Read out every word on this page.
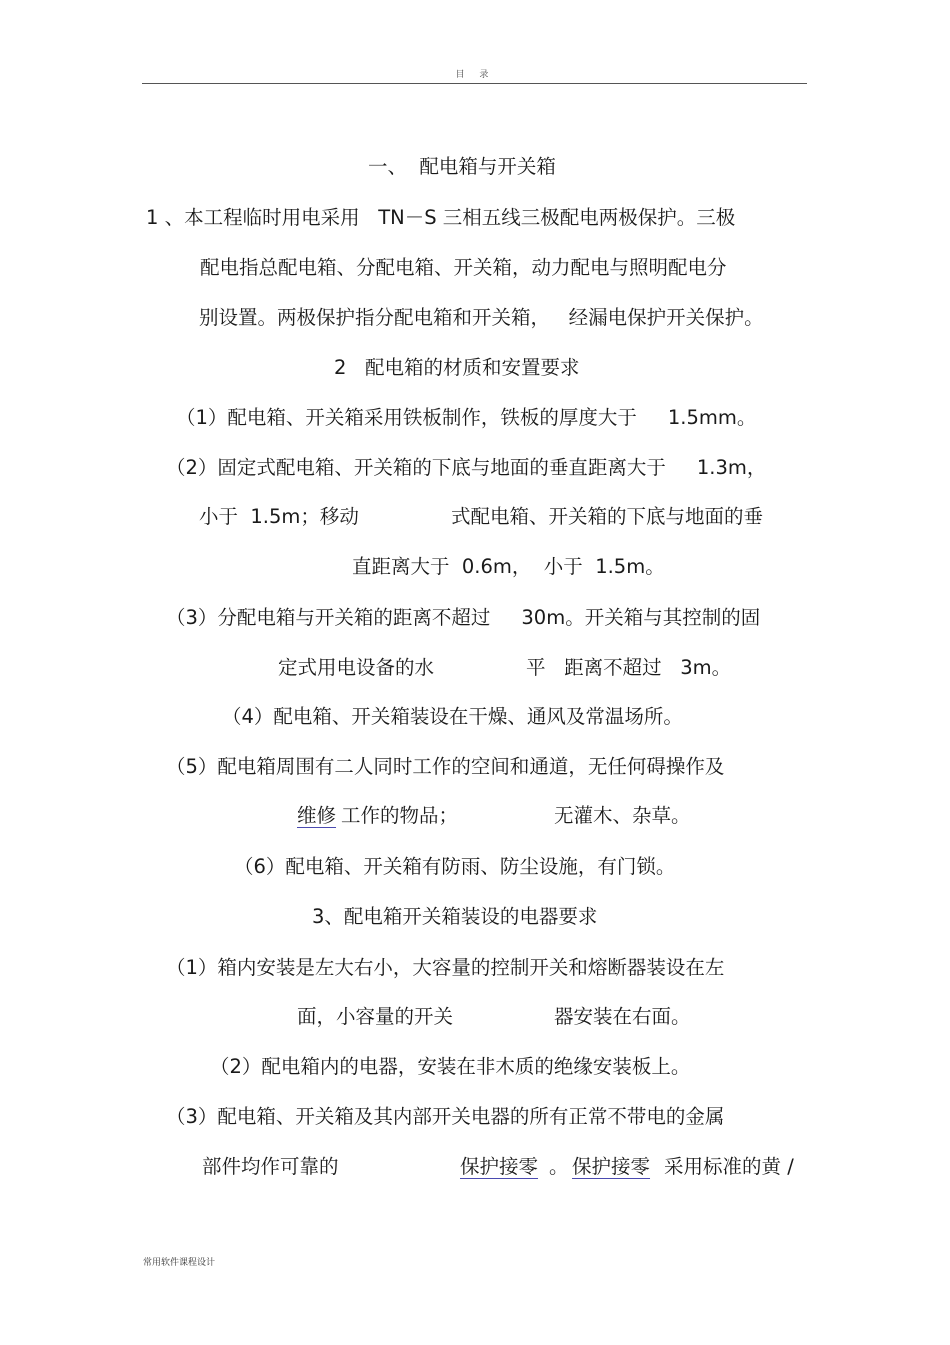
目 录
一、  配电箱与开关箱
1 、本工程临时用电采用   TN－S 三相五线三极配电两极保护。三极
配电指总配电箱、分配电箱、开关箱，动力配电与照明配电分
别设置。两极保护指分配电箱和开关箱，   经漏电保护开关保护。
2   配电箱的材质和安置要求
（1）配电箱、开关箱采用铁板制作，铁板的厚度大于     1.5mm。
（2）固定式配电箱、开关箱的下底与地面的垂直距离大于     1.3m，
小于  1.5m；移动	式配电箱、开关箱的下底与地面的垂
直距离大于  0.6m，  小于  1.5m。
（3）分配电箱与开关箱的距离不超过     30m。开关箱与其控制的固
定式用电设备的水	平   距离不超过   3m。
（4）配电箱、开关箱装设在干燥、通风及常温场所。
（5）配电箱周围有二人同时工作的空间和通道，无任何碍操作及
维修 工作的物品；	无灌木、杂草。
（6）配电箱、开关箱有防雨、防尘设施，有门锁。
3、配电箱开关箱装设的电器要求
（1）箱内安装是左大右小，大容量的控制开关和熔断器装设在左
面，小容量的开关	器安装在右面。
（2）配电箱内的电器，安装在非木质的绝缘安装板上。
（3）配电箱、开关箱及其内部开关电器的所有正常不带电的金属
部件均作可靠的	保护接零 。 保护接零 采用标准的黄 /
常用软件课程设计
